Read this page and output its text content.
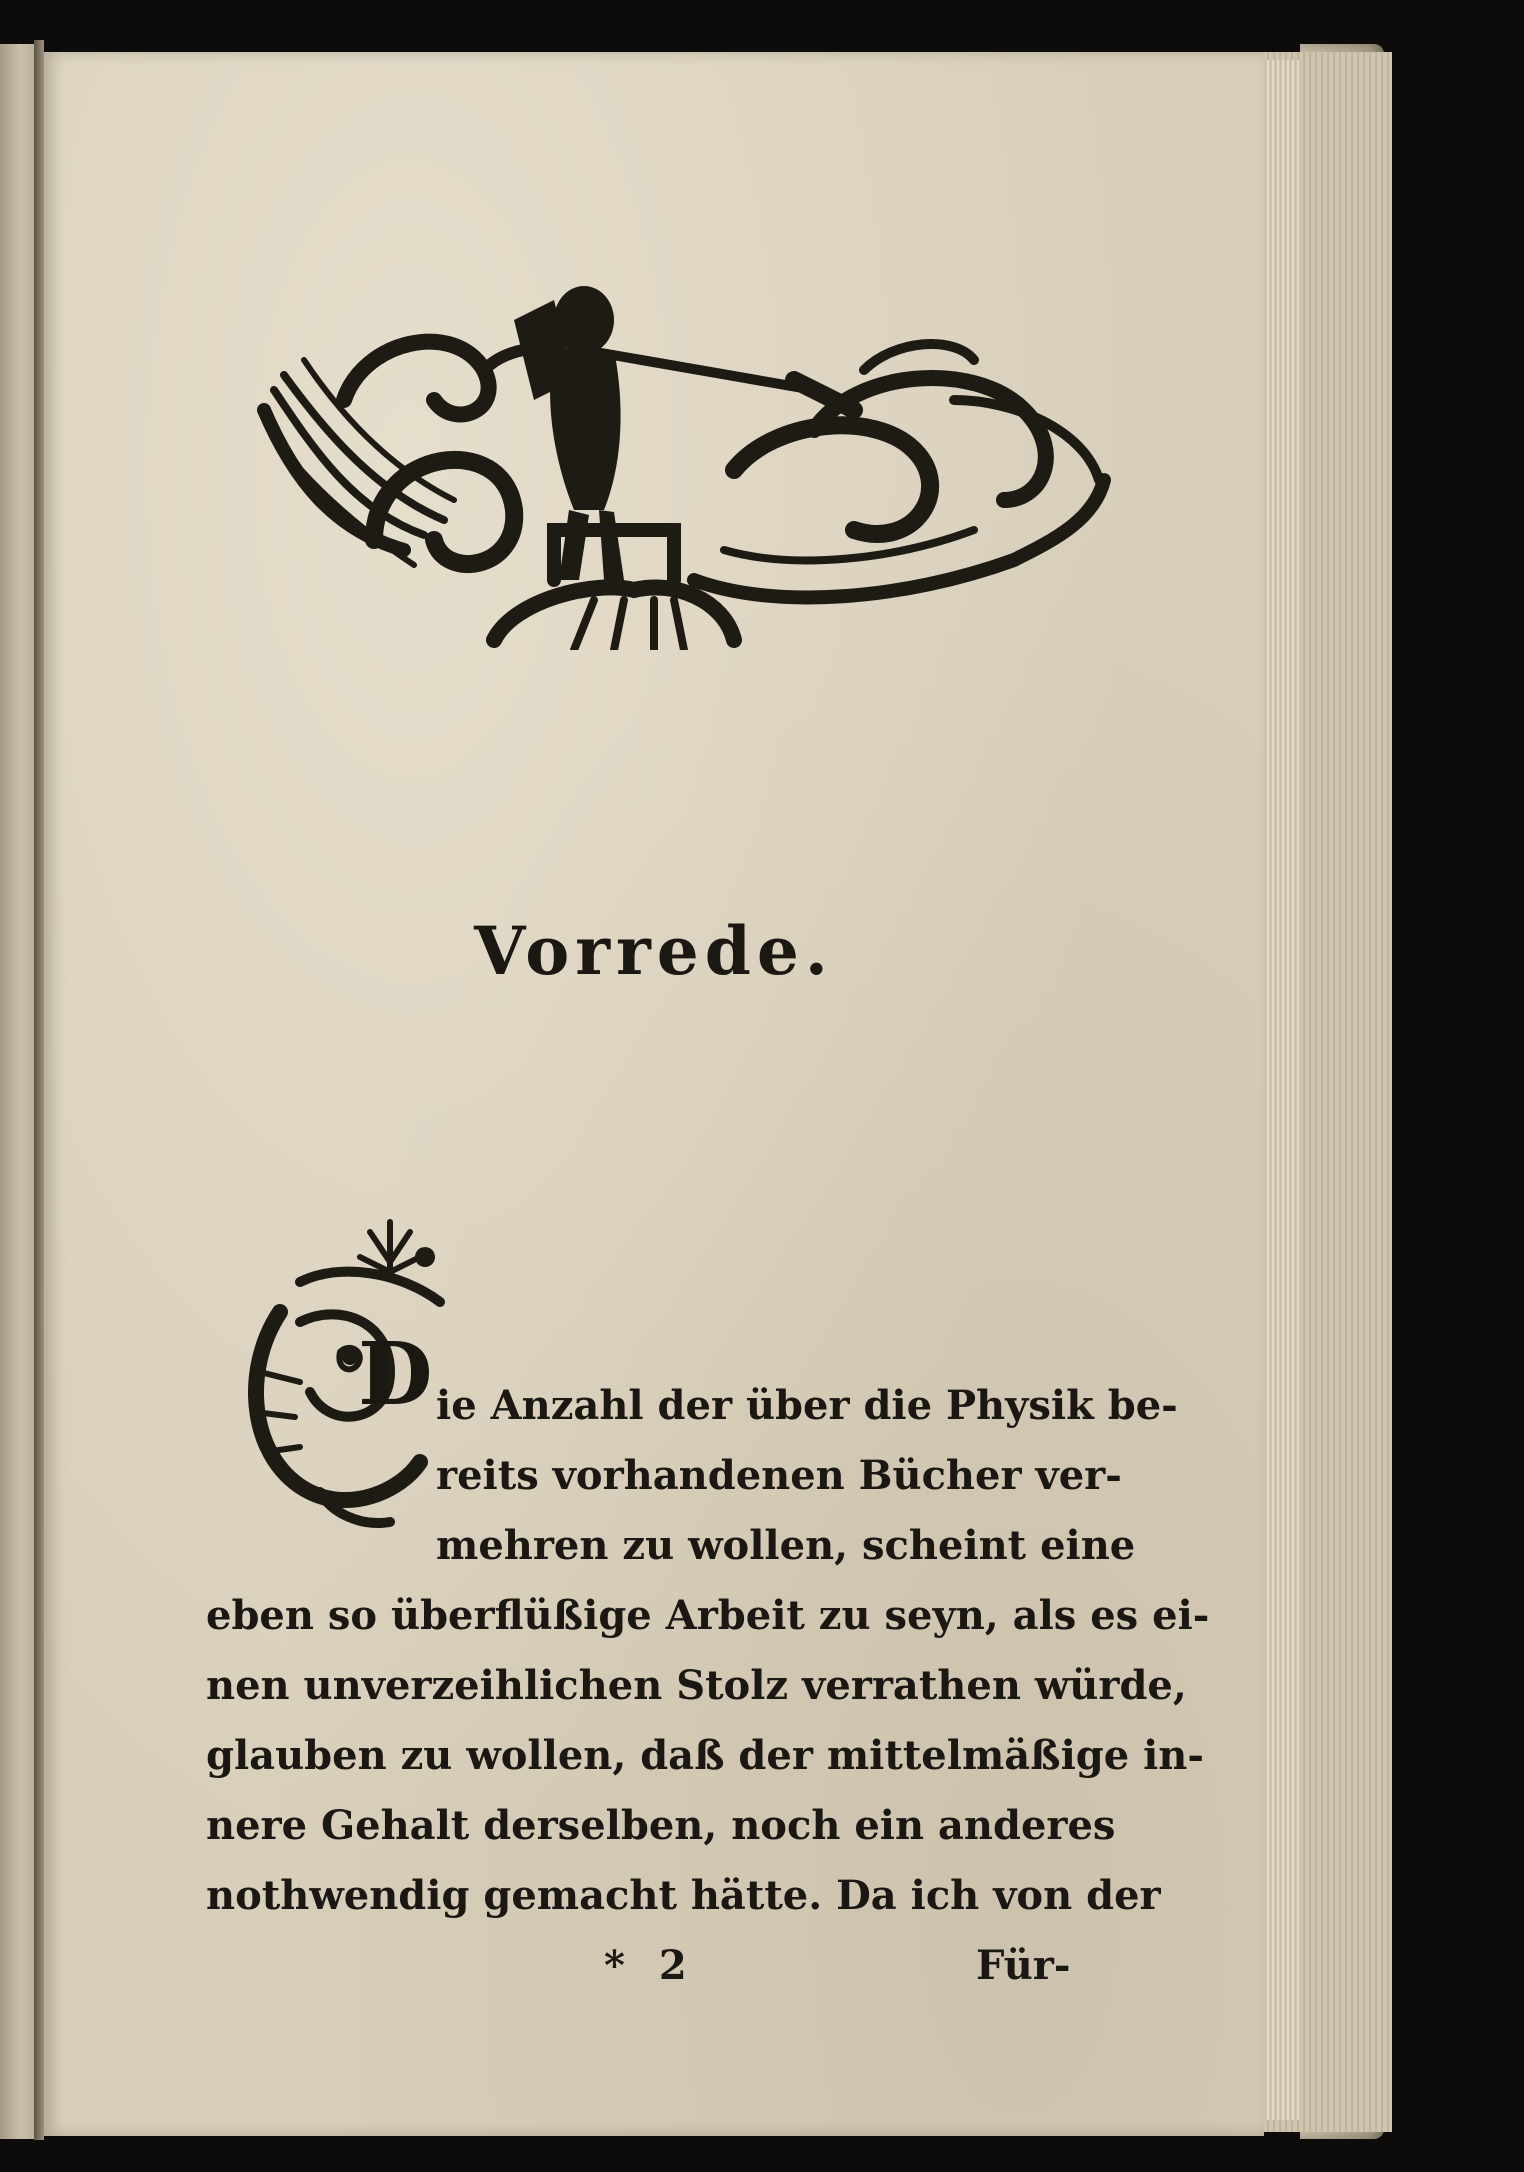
Vorrede.
D ie Anzahl der über die Physik be-
reits vorhandenen Bücher ver-
mehren zu wollen, scheint eine
eben so überflüßige Arbeit zu seyn, als es ei-
nen unverzeihlichen Stolz verrathen würde,
glauben zu wollen, daß der mittelmäßige in-
nere Gehalt derselben, noch ein anderes
nothwendig gemacht hätte. Da ich von der
* 2	Für-
